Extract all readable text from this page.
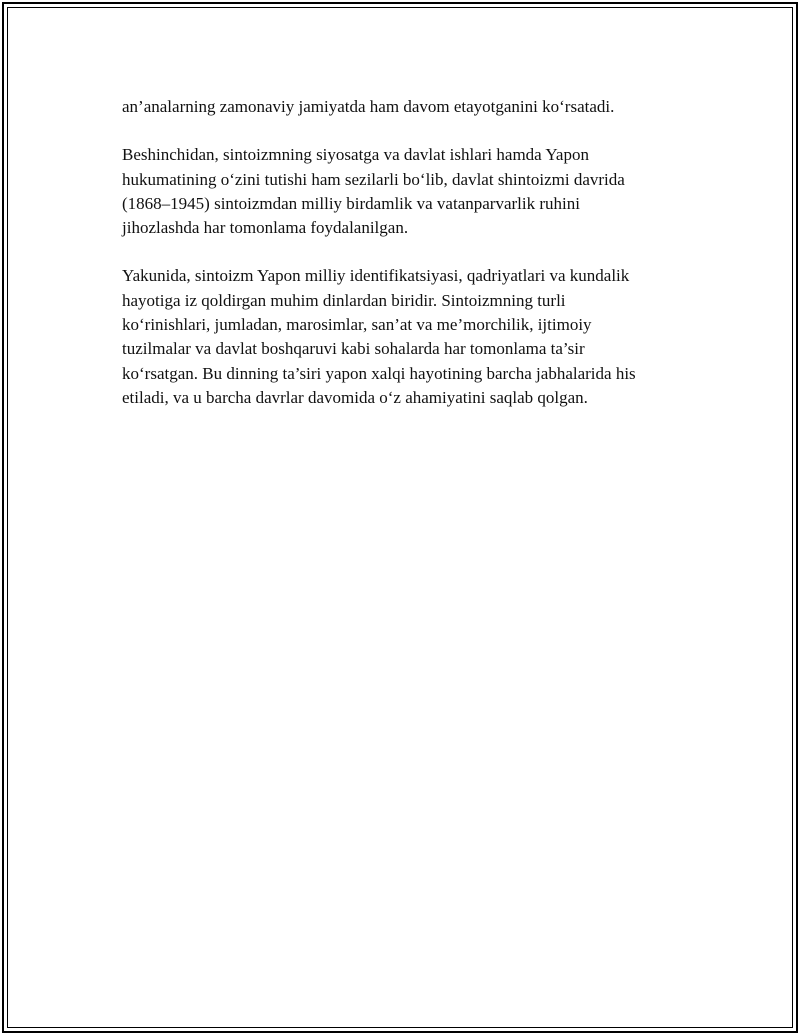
an’analarning zamonaviy jamiyatda ham davom etayotganini ko‘rsatadi.

Beshinchidan, sintoizmning siyosatga va davlat ishlari hamda Yapon
hukumatining o‘zini tutishi ham sezilarli bo‘lib, davlat shintoizmi davrida
(1868–1945) sintoizmdan milliy birdamlik va vatanparvarlik ruhini
jihozlashda har tomonlama foydalanilgan.

Yakunida, sintoizm Yapon milliy identifikatsiyasi, qadriyatlari va kundalik
hayotiga iz qoldirgan muhim dinlardan biridir. Sintoizmning turli
ko‘rinishlari, jumladan, marosimlar, san’at va me’morchilik, ijtimoiy
tuzilmalar va davlat boshqaruvi kabi sohalarda har tomonlama ta’sir
ko‘rsatgan. Bu dinning ta’siri yapon xalqi hayotining barcha jabhalarida his
etiladi, va u barcha davrlar davomida o‘z ahamiyatini saqlab qolgan.
